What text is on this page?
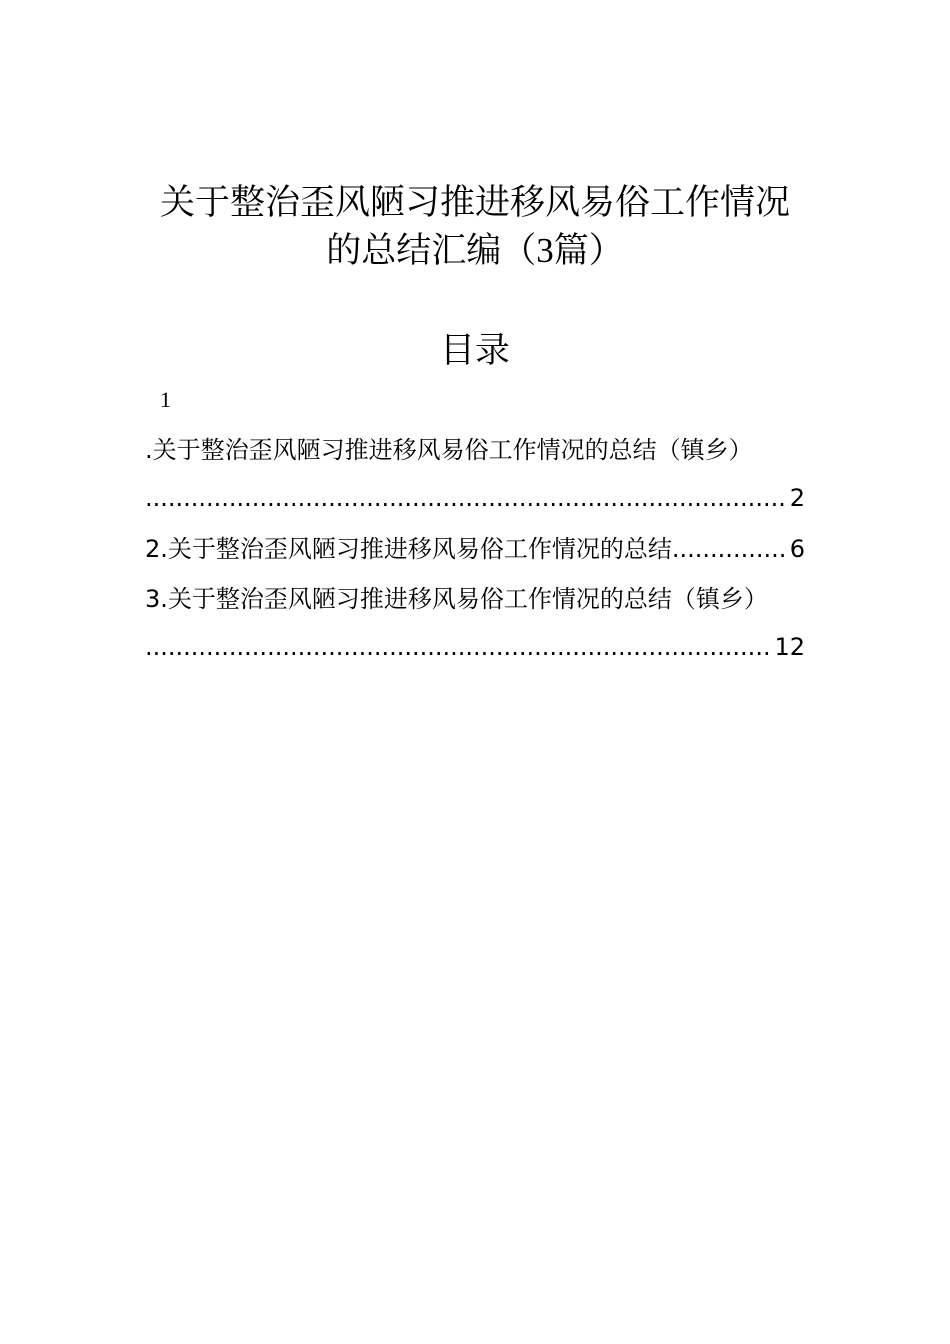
关于整治歪风陋习推进移风易俗工作情况
的总结汇编（3篇）
目录
1
.关于整治歪风陋习推进移风易俗工作情况的总结（镇乡）
.....
2
2.关于整治歪风陋习推进移风易俗工作情况的总结
.....	6
3.关于整治歪风陋习推进移风易俗工作情况的总结（镇乡）
.....
12
